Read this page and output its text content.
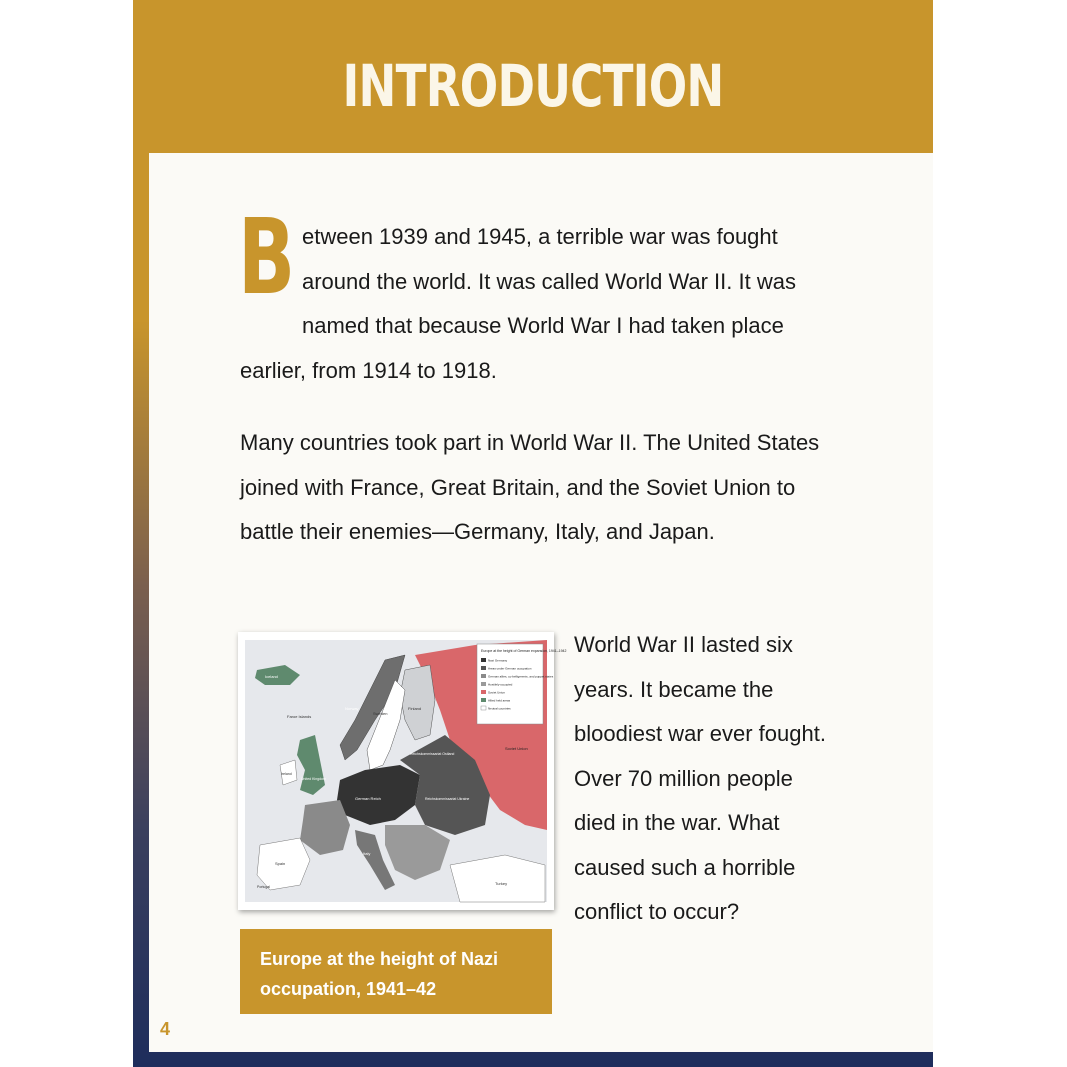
INTRODUCTION
Between 1939 and 1945, a terrible war was fought around the world. It was called World War II. It was named that because World War I had taken place earlier, from 1914 to 1918.
Many countries took part in World War II. The United States joined with France, Great Britain, and the Soviet Union to battle their enemies—Germany, Italy, and Japan.
Europe at the height of German expansion, 1941–1942
Nazi Germany
Areas under German occupation
German allies, co-belligerents, and puppet states
Hostilely-occupied
Soviet Union
Allied held areas
Neutral countries
Iceland
Faroe Islands
Norway
Sweden
Finland
Ireland
United Kingdom
German Reich
Reichskommissariat Ostland
Reichskommissariat Ukraine
Soviet Union
Spain
Portugal
Italy
Turkey
Europe at the height of Nazi occupation, 1941–42
World War II lasted six years. It became the bloodiest war ever fought. Over 70 million people died in the war. What caused such a horrible conflict to occur?
4
